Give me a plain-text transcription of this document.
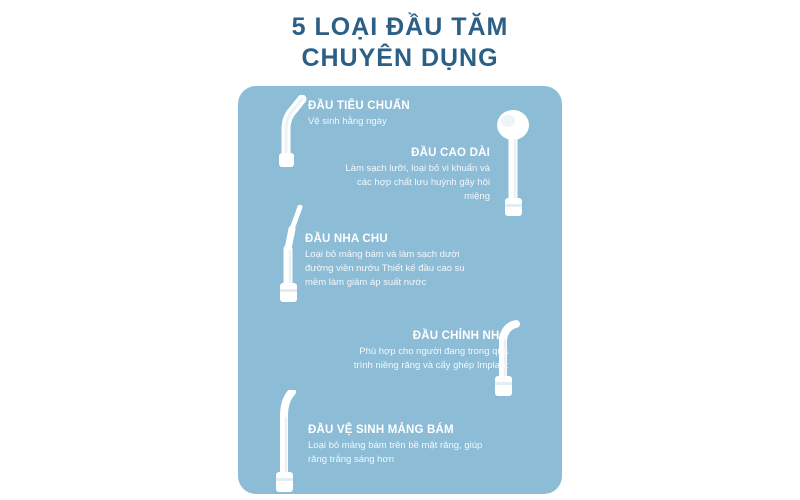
5 LOẠI ĐẦU TĂM
CHUYÊN DỤNG

ĐẦU TIÊU CHUẨN

Vệ sinh hằng ngày

ĐẦU CAO DÀI

Làm sạch lưỡi, loại bỏ vi khuẩn và các hợp chất lưu huỳnh gây hôi miệng

ĐẦU NHA CHU

Loại bỏ mảng bám và làm sạch dưới đường viền nướu Thiết kế đầu cao su mềm làm giảm áp suất nước

ĐẦU CHỈNH NHA

Phù hợp cho người đang trong quá trình niềng răng và cấy ghép Implant

ĐẦU VỆ SINH MẢNG BÁM

Loại bỏ mảng bám trên bề mặt răng, giúp răng trắng sáng hơn
